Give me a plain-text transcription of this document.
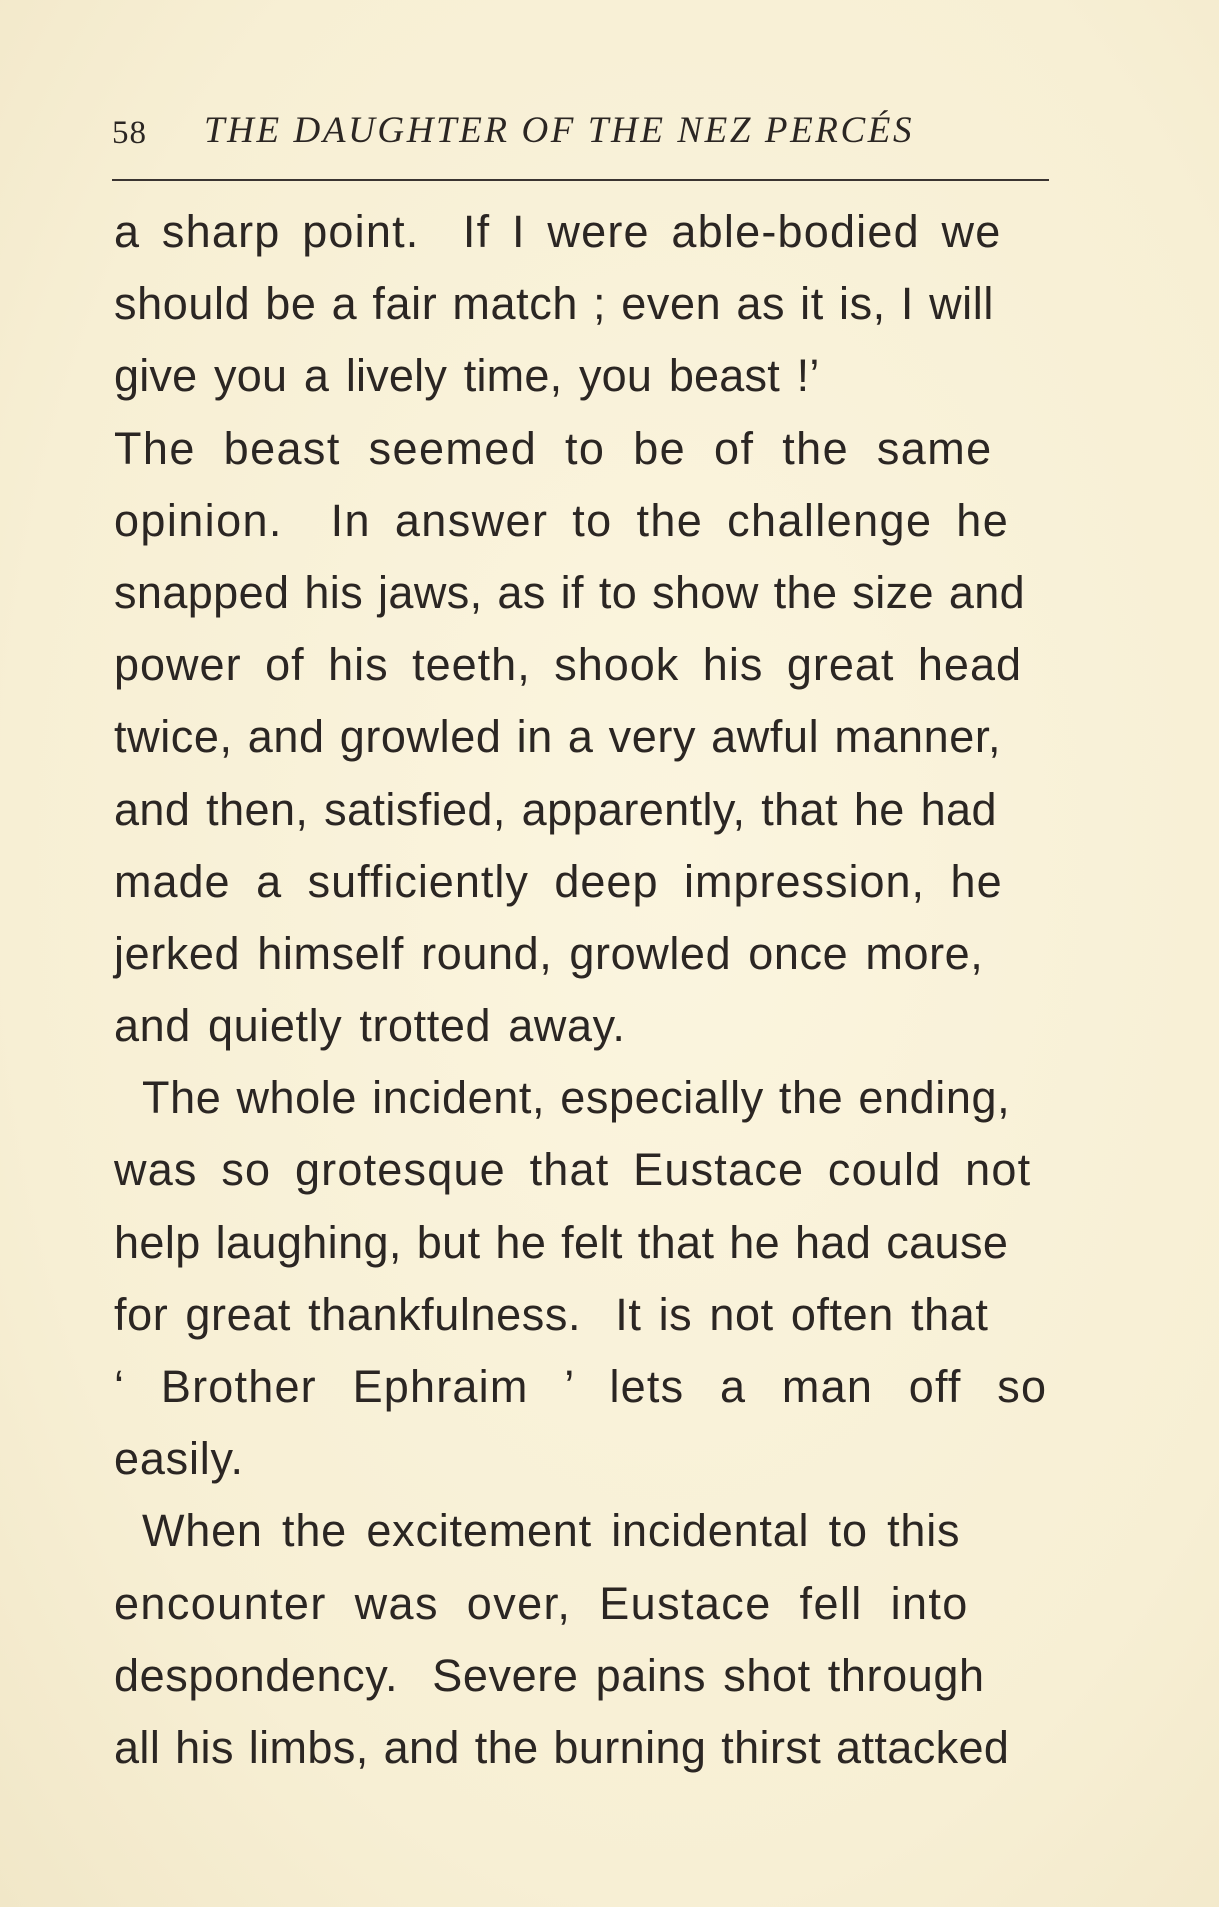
58 THE DAUGHTER OF THE NEZ PERCÉS
a sharp point.  If I were able-bodied we
should be a fair match ; even as it is, I will
give you a lively time, you beast !’
The beast seemed to be of the same
opinion.  In answer to the challenge he
snapped his jaws, as if to show the size and
power of his teeth, shook his great head
twice, and growled in a very awful manner,
and then, satisfied, apparently, that he had
made a sufficiently deep impression, he
jerked himself round, growled once more,
and quietly trotted away.
The whole incident, especially the ending,
was so grotesque that Eustace could not
help laughing, but he felt that he had cause
for great thankfulness.  It is not often that
‘ Brother Ephraim ’ lets a man off so
easily.
When the excitement incidental to this
encounter was over, Eustace fell into
despondency.  Severe pains shot through
all his limbs, and the burning thirst attacked
